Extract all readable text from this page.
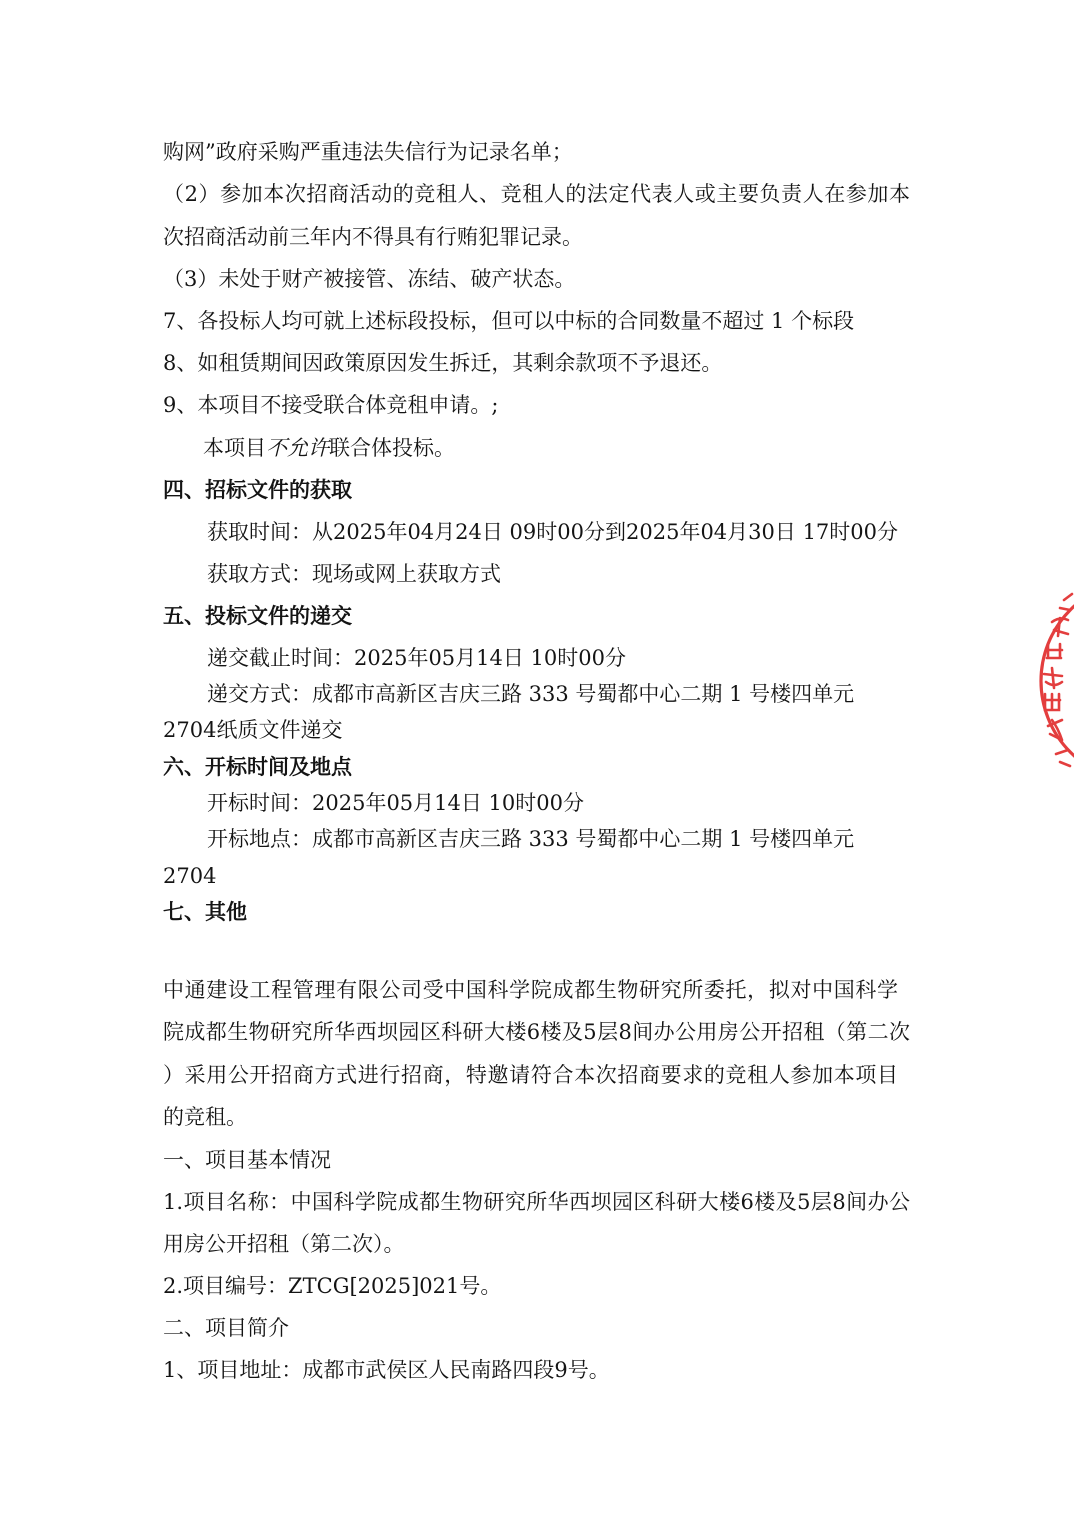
购网”政府采购严重违法失信行为记录名单；
（2）参加本次招商活动的竞租人、竞租人的法定代表人或主要负责人在参加本
次招商活动前三年内不得具有行贿犯罪记录。
（3）未处于财产被接管、冻结、破产状态。
7、各投标人均可就上述标段投标，但可以中标的合同数量不超过 1 个标段
8、如租赁期间因政策原因发生拆迁，其剩余款项不予退还。
9、本项目不接受联合体竞租申请。;
本项目不允许联合体投标。
四、招标文件的获取
获取时间：从2025年04月24日 09时00分到2025年04月30日 17时00分
获取方式：现场或网上获取方式
五、投标文件的递交
递交截止时间：2025年05月14日 10时00分
递交方式：成都市高新区吉庆三路 333 号蜀都中心二期 1 号楼四单元
2704纸质文件递交
六、开标时间及地点
开标时间：2025年05月14日 10时00分
开标地点：成都市高新区吉庆三路 333 号蜀都中心二期 1 号楼四单元
2704
七、其他
中通建设工程管理有限公司受中国科学院成都生物研究所委托，拟对中国科学
院成都生物研究所华西坝园区科研大楼6楼及5层8间办公用房公开招租（第二次
）采用公开招商方式进行招商，特邀请符合本次招商要求的竞租人参加本项目
的竞租。
一、项目基本情况
1.项目名称：中国科学院成都生物研究所华西坝园区科研大楼6楼及5层8间办公
用房公开招租（第二次）。
2.项目编号：ZTCG[2025]021号。
二、项目简介
1、项目地址：成都市武侯区人民南路四段9号。
